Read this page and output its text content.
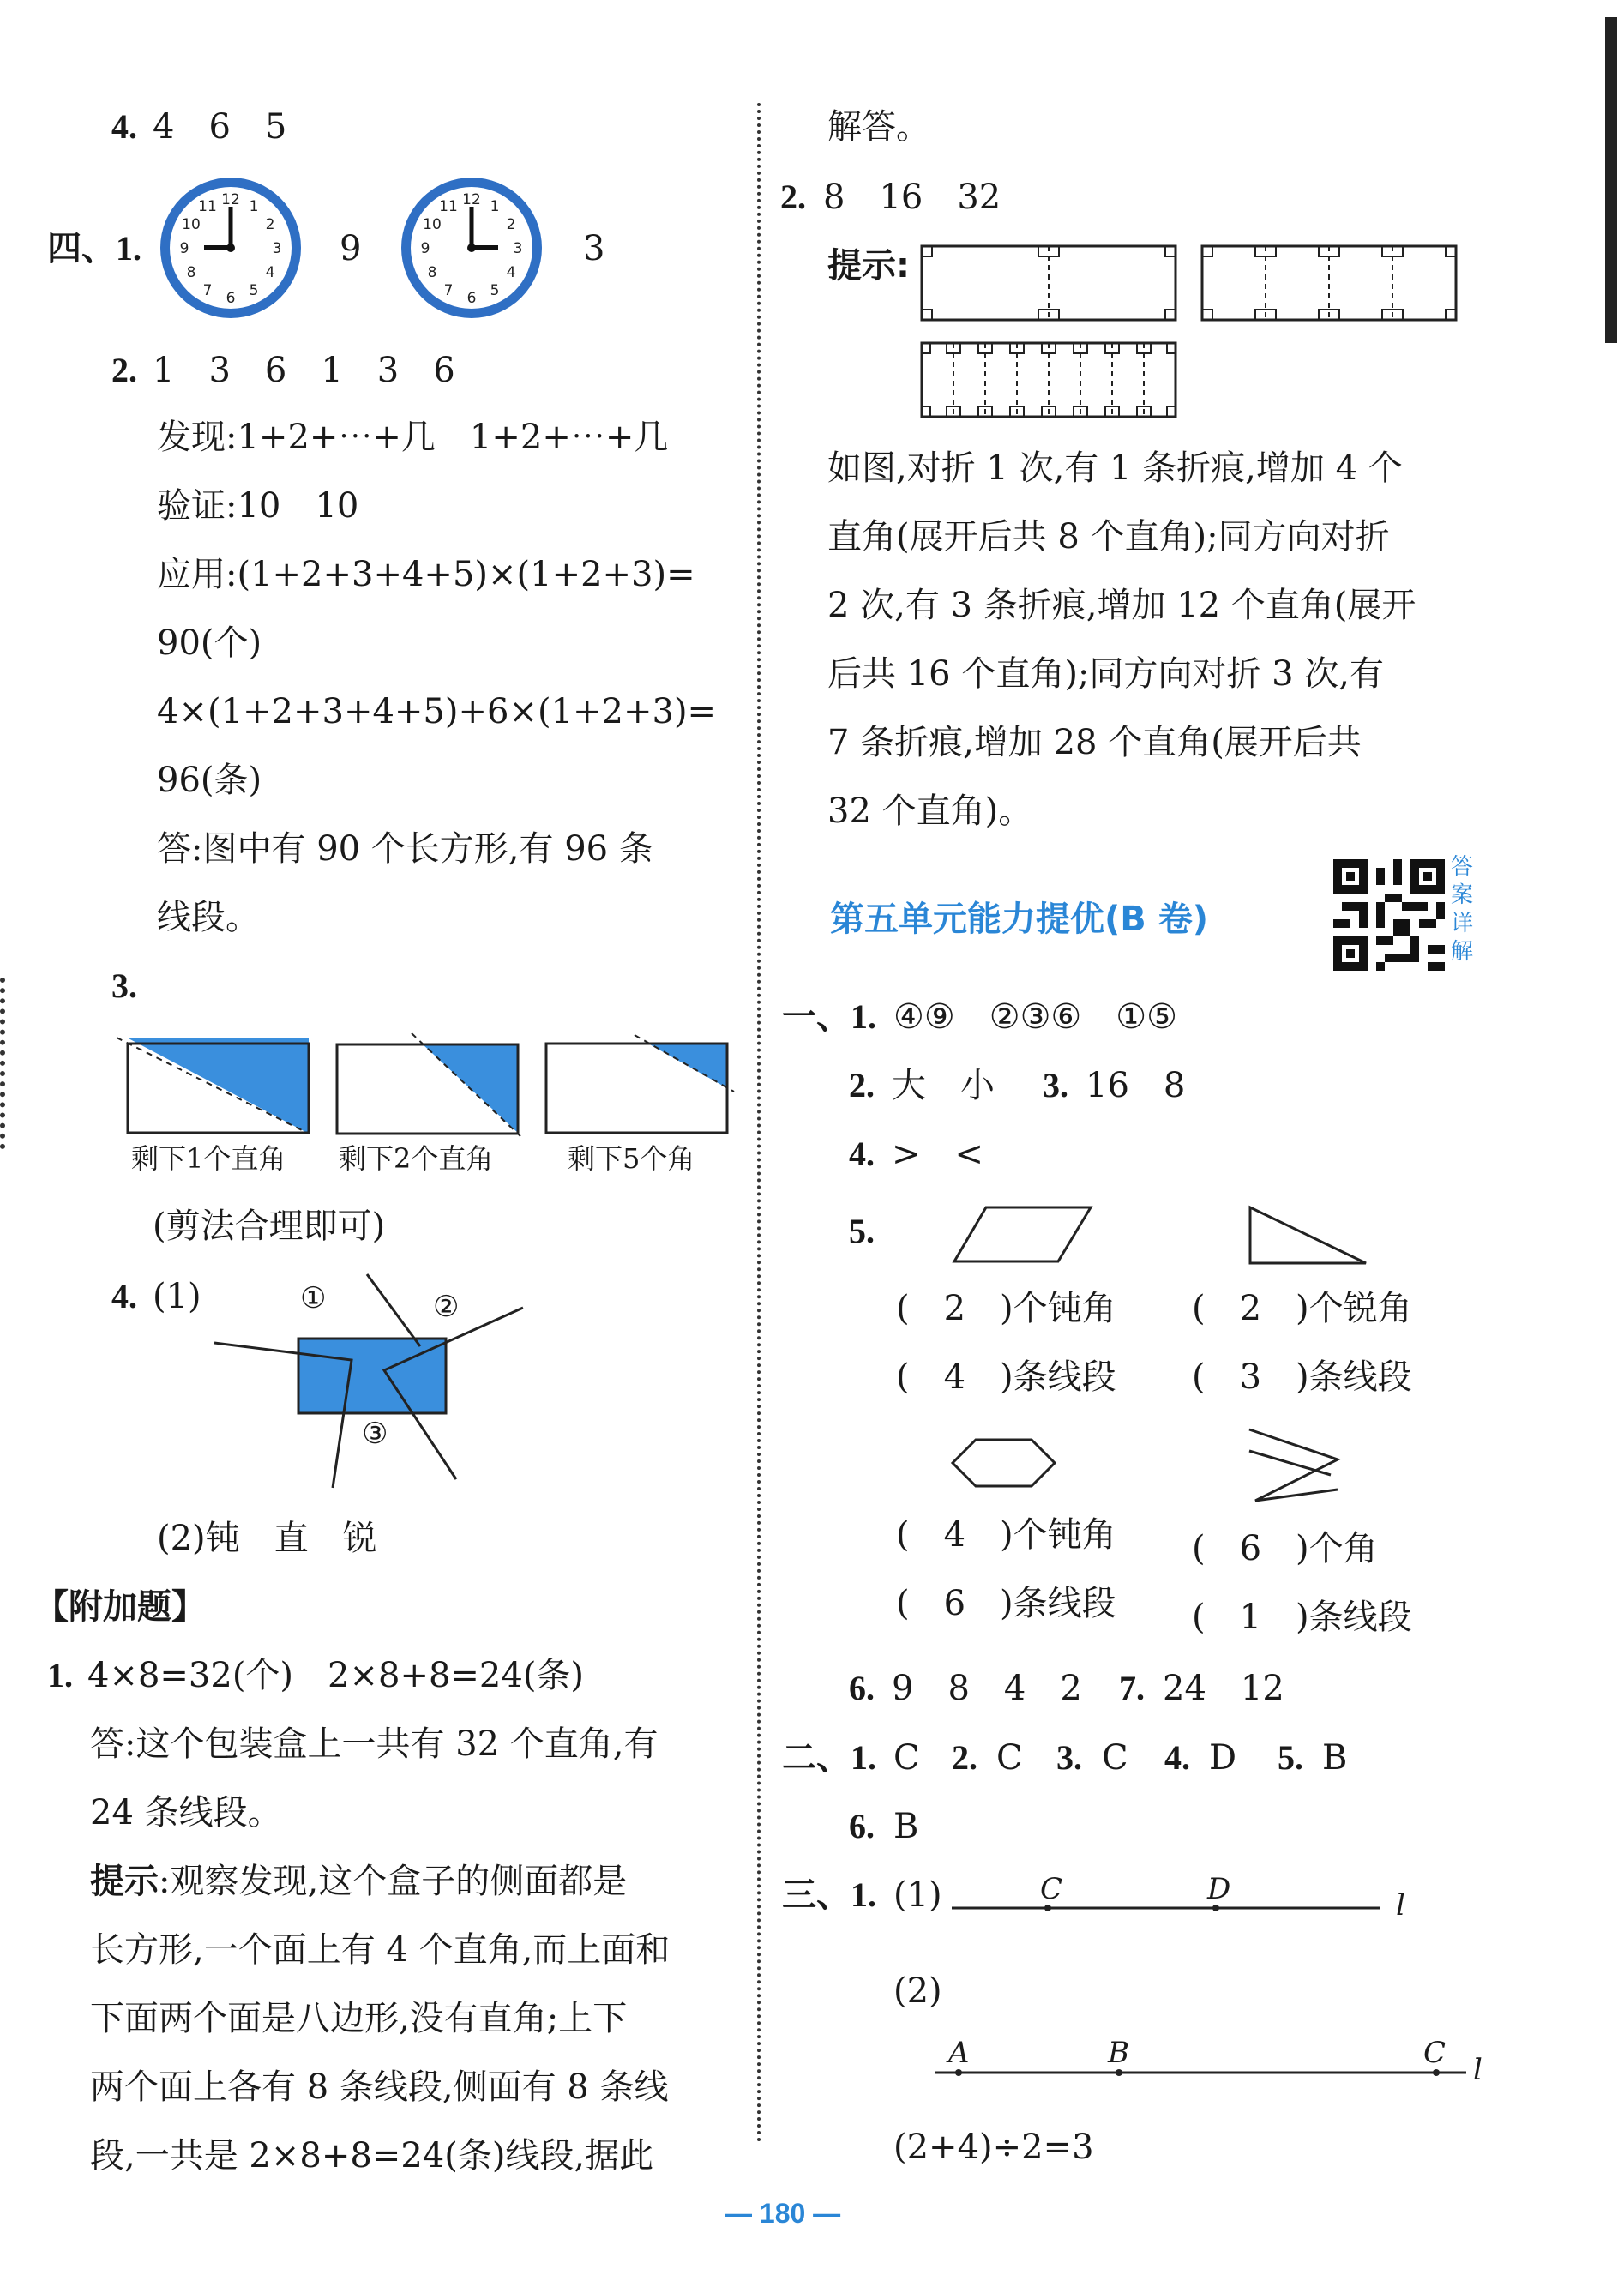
4. 4　6　5
四、1.
12 1
2
3
4
5
6
7
8
9
10
11
9
12 1
2
3
4
5
6
7
8
9
10
11
3
2. 1　3　6　1　3　6
发现:1+2+⋯+几　1+2+⋯+几
验证:10　10
应用:(1+2+3+4+5)×(1+2+3)=
90(个)
4×(1+2+3+4+5)+6×(1+2+3)=
96(条)
答:图中有 90 个长方形,有 96 条
线段。
3.
剩下1个直角 剩下2个直角	剩下5个角
(剪法合理即可)
4. (1)	①	②
③
(2)钝　直　锐
【附加题】
1. 4×8=32(个)　2×8+8=24(条)
答:这个包装盒上一共有 32 个直角,有
24 条线段。
提示 :观察发现,这个盒子的侧面都是
长方形,一个面上有 4 个直角,而上面和
下面两个面是八边形,没有直角;上下
两个面上各有 8 条线段,侧面有 8 条线
段,一共是 2×8+8=24(条)线段,据此
解答。
2. 8　16　32
提示:
如图,对折 1 次,有 1 条折痕,增加 4 个
直角(展开后共 8 个直角);同方向对折
2 次,有 3 条折痕,增加 12 个直角(展开
后共 16 个直角);同方向对折 3 次,有
7 条折痕,增加 28 个直角(展开后共
32 个直角)。
第五单元能力提优(B 卷)
答案详解
一、1. ④⑨　②③⑥　①⑤
2. 大　小 3. 16　8
4. >　<
5.
(　2　)个钝角
(　4　)条线段
(　2　)个锐角
(　3　)条线段
(　4　)个钝角
(　6　)条线段
(　6　)个角
(　1　)条线段
6. 9　8　4　2 7. 24　12
二、1. C 2. C 3. C 4. D 5. B
6. B
三、1. (1)	C	D	l
(2)
A	B	C l
(2+4)÷2=3
— 180 —
